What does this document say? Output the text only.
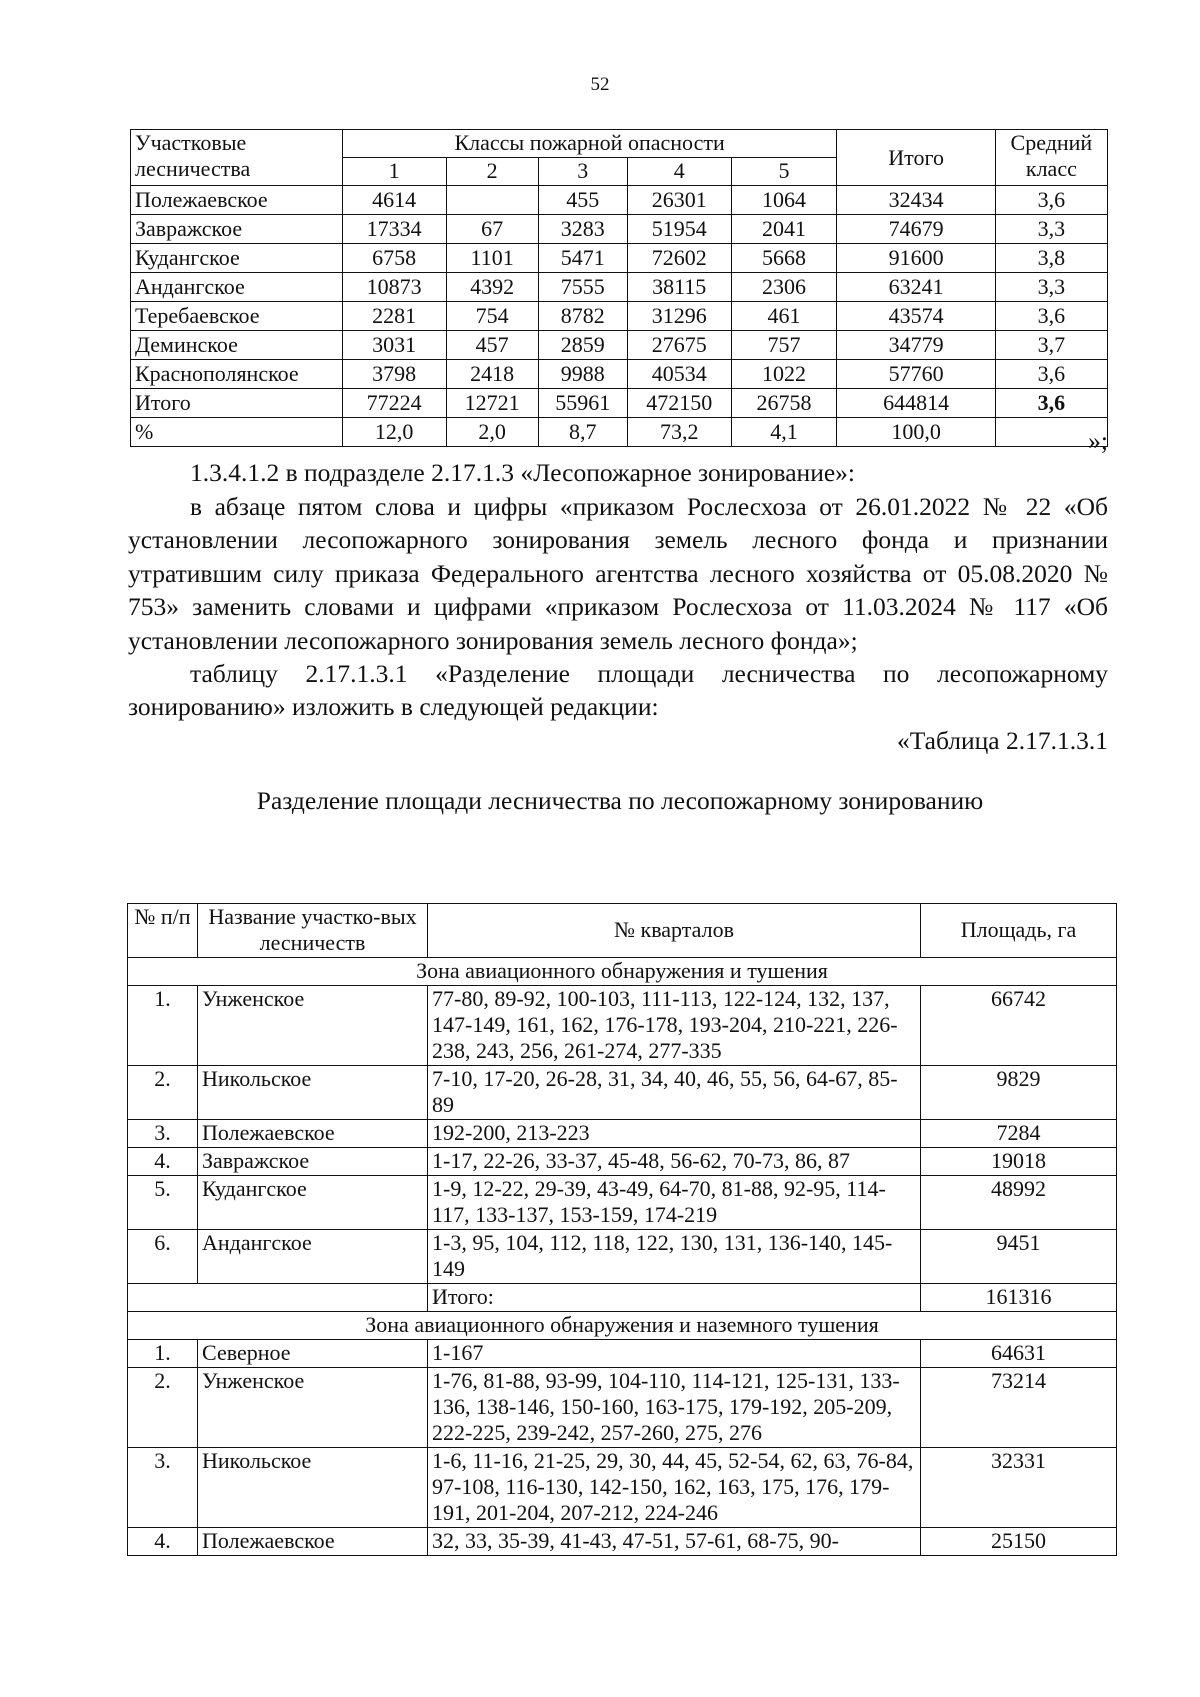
52
Участковые лесничества	Классы пожарной опасности					Итого	Средний класс
	1	2	3	4	5		
Полежаевское	4614		455	26301	1064	32434	3,6
Завражское	17334	67	3283	51954	2041	74679	3,3
Кудангское	6758	1101	5471	72602	5668	91600	3,8
Андангское	10873	4392	7555	38115	2306	63241	3,3
Теребаевское	2281	754	8782	31296	461	43574	3,6
Деминское	3031	457	2859	27675	757	34779	3,7
Краснополянское	3798	2418	9988	40534	1022	57760	3,6
Итого	77224	12721	55961	472150	26758	644814	3,6
%	12,0	2,0	8,7	73,2	4,1	100,0		»;
1.3.4.1.2 в подразделе 2.17.1.3 «Лесопожарное зонирование»:
в абзаце пятом слова и цифры «приказом Рослесхоза от 26.01.2022 № 22 «Об установлении лесопожарного зонирования земель лесного фонда и признании утратившим силу приказа Федерального агентства лесного хозяйства от 05.08.2020 № 753» заменить словами и цифрами «приказом Рослесхоза от 11.03.2024 № 117 «Об установлении лесопожарного зонирования земель лесного фонда»;
таблицу 2.17.1.3.1 «Разделение площади лесничества по лесопожарному зонированию» изложить в следующей редакции:
«Таблица 2.17.1.3.1
Разделение площади лесничества по лесопожарному зонированию
№ п/п	Название участко-вых лесничеств	№ кварталов	Площадь, га
Зона авиационного обнаружения и тушения			
1.	Унженское	77-80, 89-92, 100-103, 111-113, 122-124, 132, 137, 147-149, 161, 162, 176-178, 193-204, 210-221, 226-238, 243, 256, 261-274, 277-335	66742
2.	Никольское	7-10, 17-20, 26-28, 31, 34, 40, 46, 55, 56, 64-67, 85-89	9829
3.	Полежаевское	192-200, 213-223	7284
4.	Завражское	1-17, 22-26, 33-37, 45-48, 56-62, 70-73, 86, 87	19018
5.	Кудангское	1-9, 12-22, 29-39, 43-49, 64-70, 81-88, 92-95, 114-117, 133-137, 153-159, 174-219	48992
6.	Андангское	1-3, 95, 104, 112, 118, 122, 130, 131, 136-140, 145-149	9451
		Итого:	161316
Зона авиационного обнаружения и наземного тушения			
1.	Северное	1-167	64631
2.	Унженское	1-76, 81-88, 93-99, 104-110, 114-121, 125-131, 133-136, 138-146, 150-160, 163-175, 179-192, 205-209, 222-225, 239-242, 257-260, 275, 276	73214
3.	Никольское	1-6, 11-16, 21-25, 29, 30, 44, 45, 52-54, 62, 63, 76-84, 97-108, 116-130, 142-150, 162, 163, 175, 176, 179-191, 201-204, 207-212, 224-246	32331
4.	Полежаевское	32, 33, 35-39, 41-43, 47-51, 57-61, 68-75, 90-	25150
